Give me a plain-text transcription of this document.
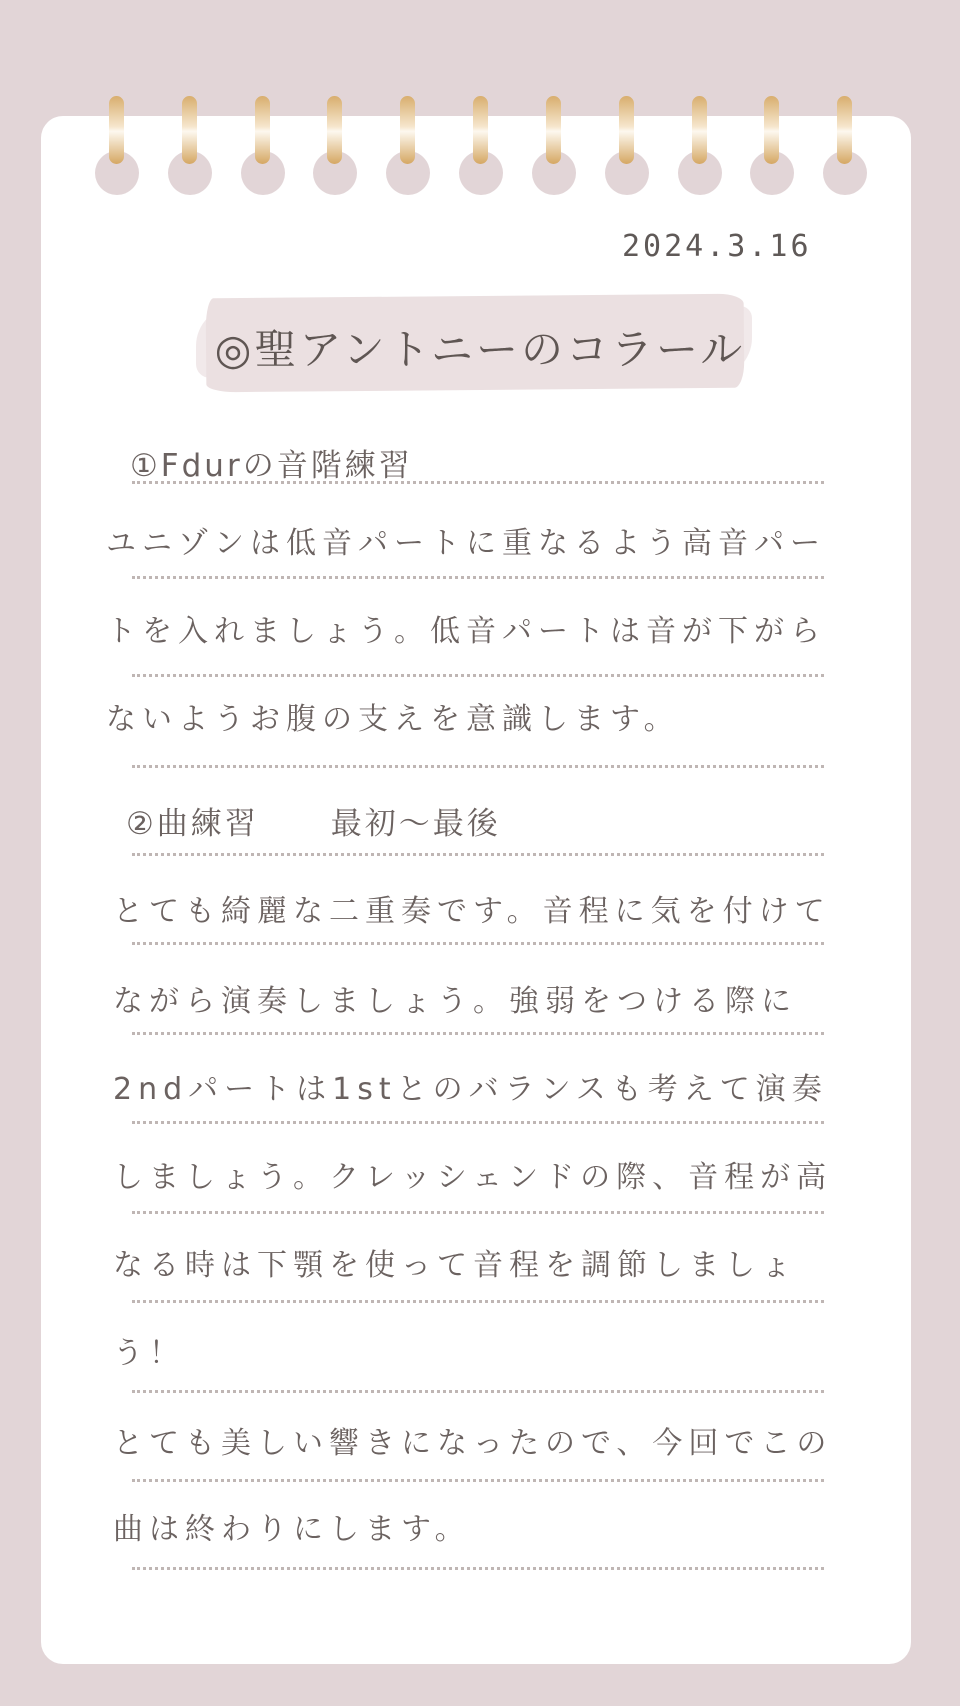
2024.3.16
◎聖アントニーのコラール
①Fdurの音階練習
ユニゾンは低音パートに重なるよう高音パー
トを入れましょう。低音パートは音が下がら
ないようお腹の支えを意識します。
②曲練習 最初～最後
とても綺麗な二重奏です。音程に気を付けて
ながら演奏しましょう。強弱をつける際に
2ndパートは1stとのバランスも考えて演奏
しましょう。クレッシェンドの際、音程が高
なる時は下顎を使って音程を調節しましょ
う！
とても美しい響きになったので、今回でこの
曲は終わりにします。
